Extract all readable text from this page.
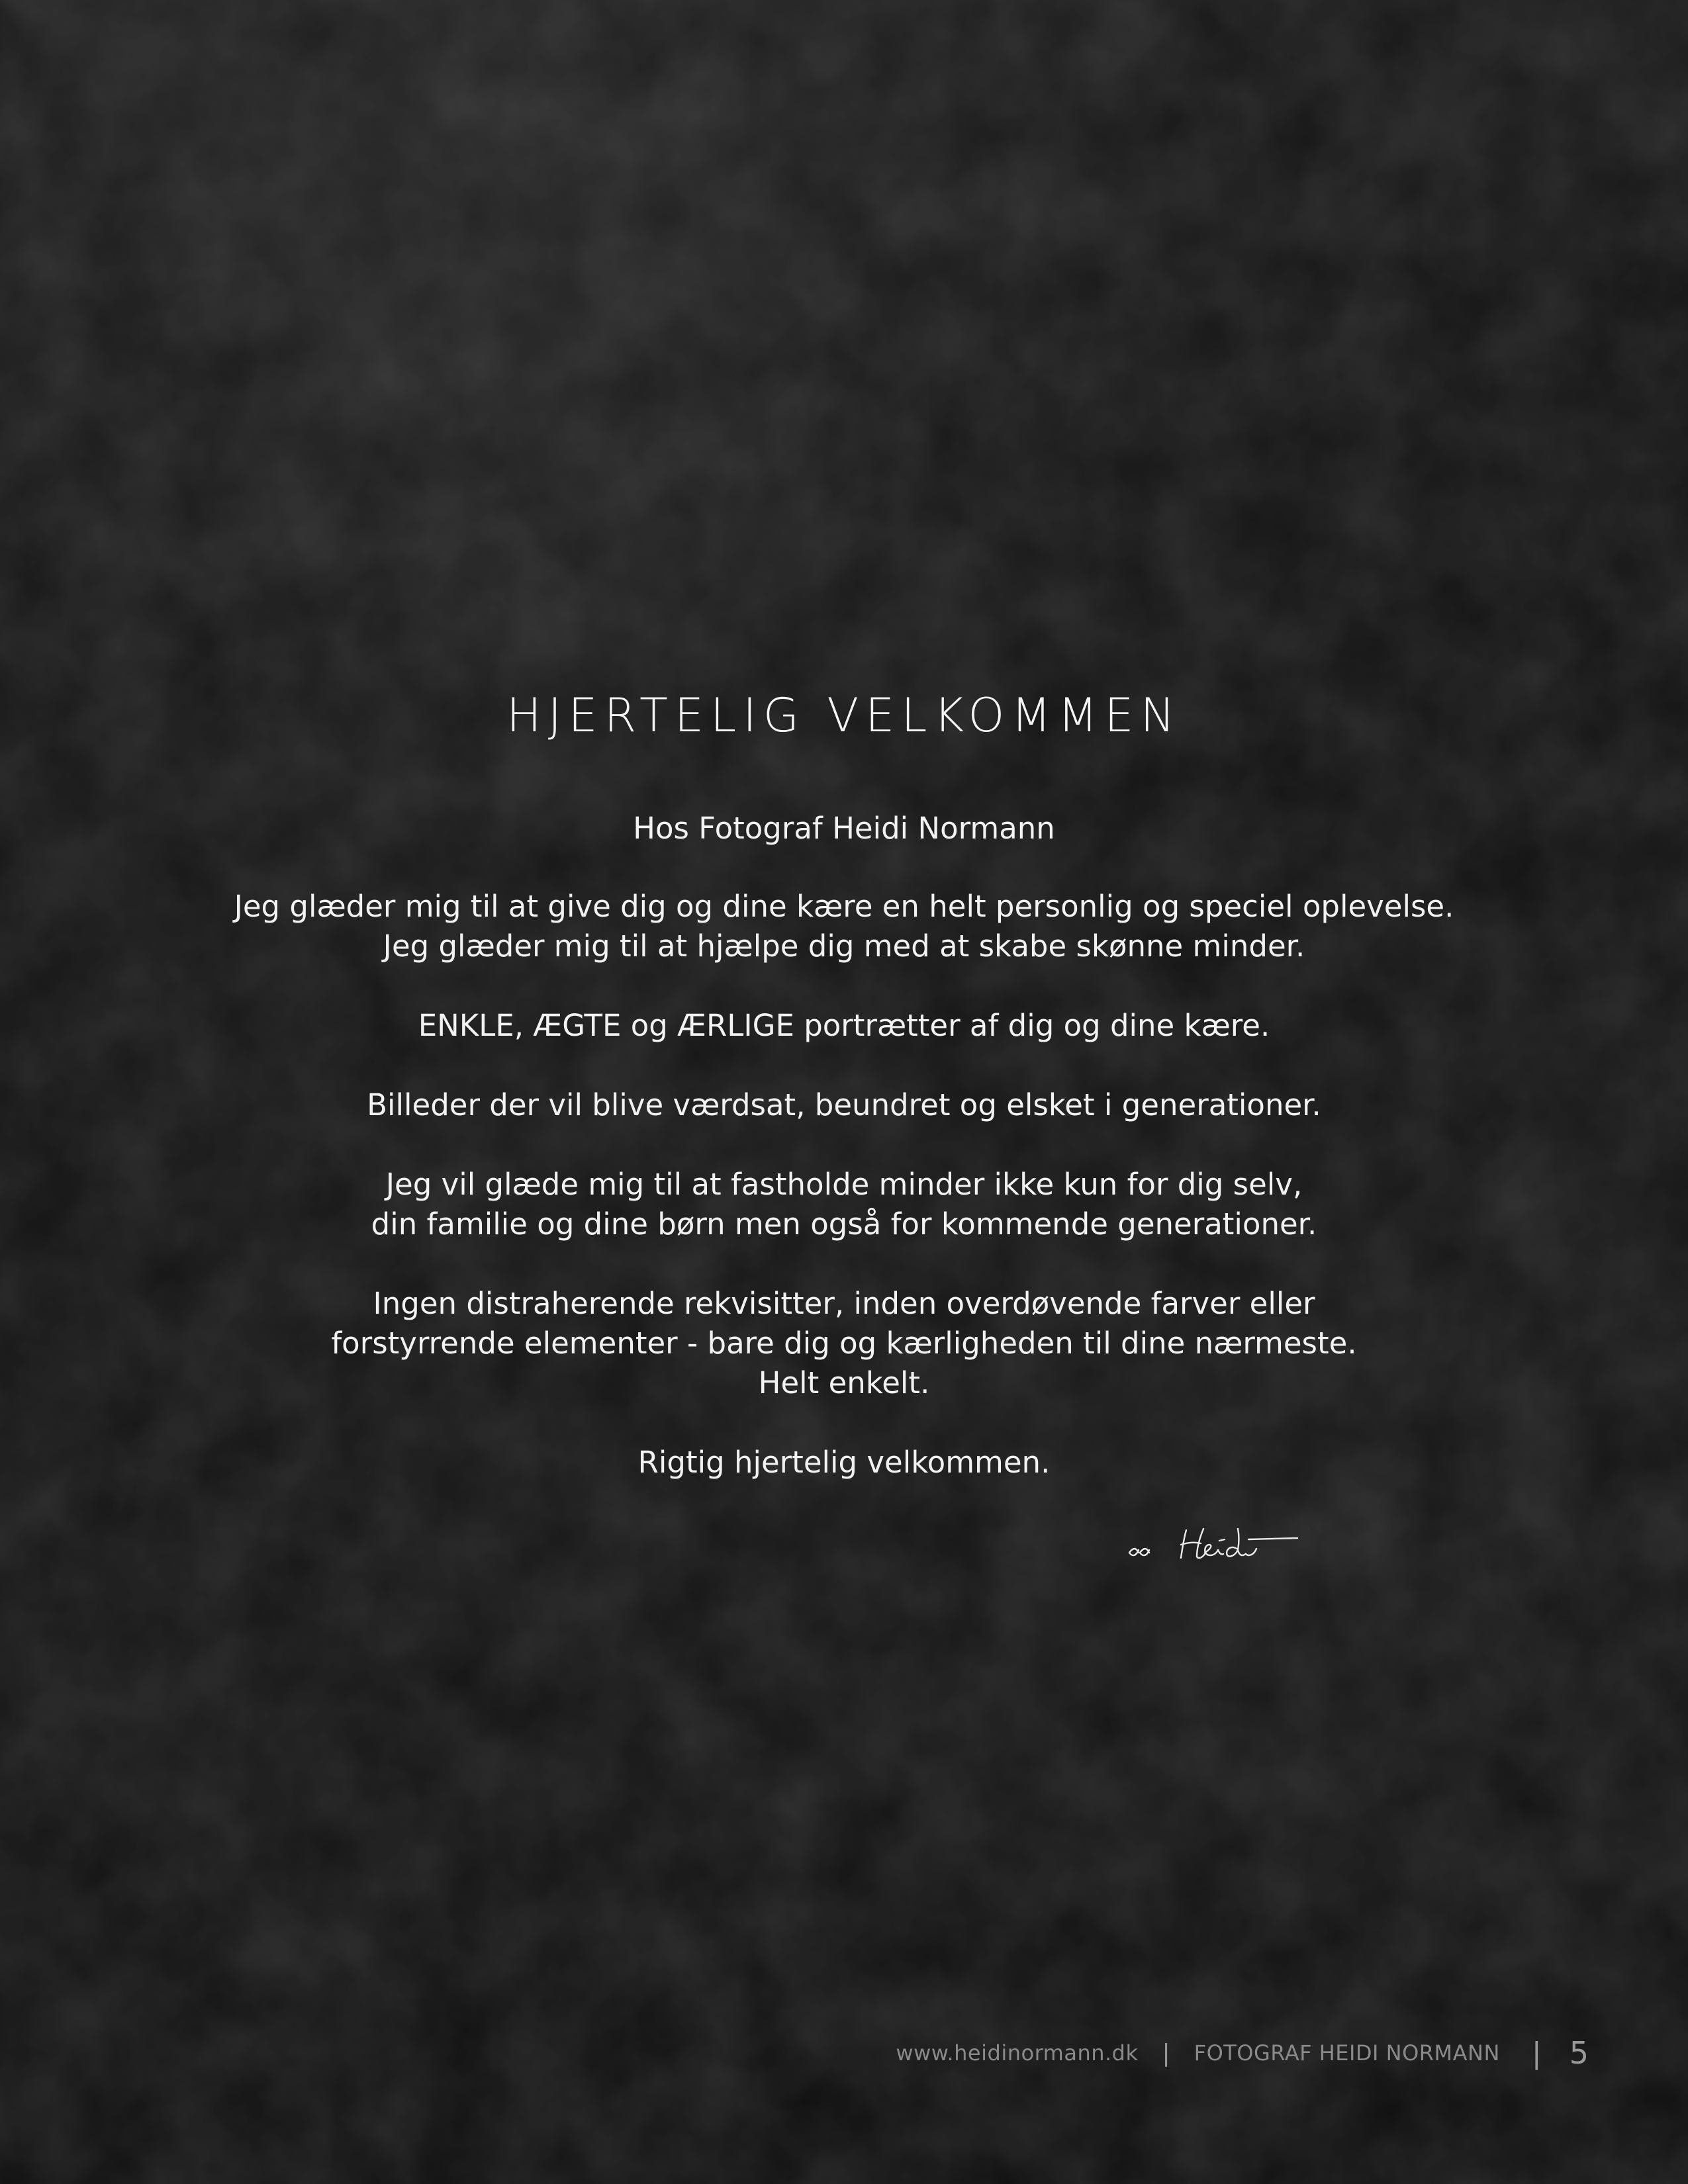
HJERTELIG VELKOMMEN
Hos Fotograf Heidi Normann
Jeg glæder mig til at give dig og dine kære en helt personlig og speciel oplevelse.
Jeg glæder mig til at hjælpe dig med at skabe skønne minder.
ENKLE, ÆGTE og ÆRLIGE portrætter af dig og dine kære.
Billeder der vil blive værdsat, beundret og elsket i generationer.
Jeg vil glæde mig til at fastholde minder ikke kun for dig selv,
din familie og dine børn men også for kommende generationer.
Ingen distraherende rekvisitter, inden overdøvende farver eller
forstyrrende elementer - bare dig og kærligheden til dine nærmeste.
Helt enkelt.
Rigtig hjertelig velkommen.
www.heidinormann.dk | FOTOGRAF HEIDI NORMANN | 5
